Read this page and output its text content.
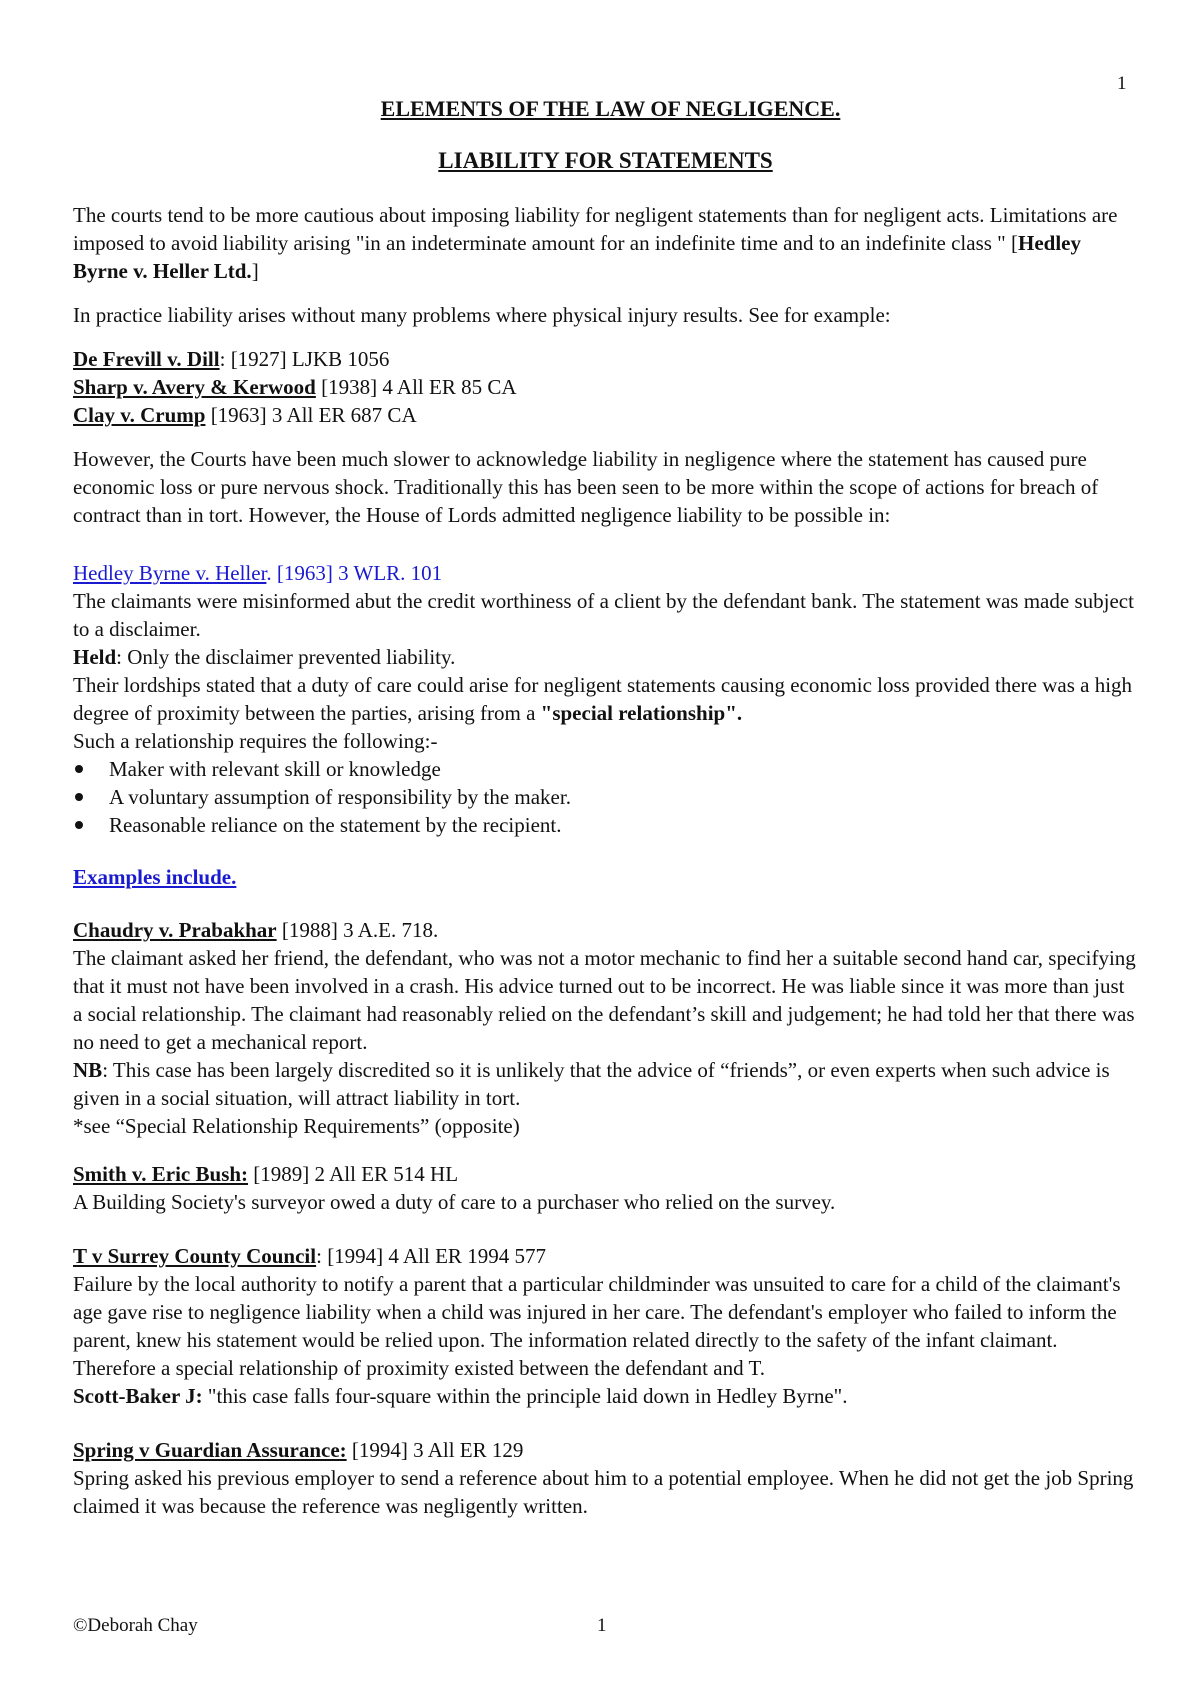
1

ELEMENTS OF THE LAW OF NEGLIGENCE.

LIABILITY FOR STATEMENTS

The courts tend to be more cautious about imposing liability for negligent statements than for negligent acts. Limitations are imposed to avoid liability arising "in an indeterminate amount for an indefinite time and to an indefinite class " [Hedley Byrne v. Heller Ltd.]

In practice liability arises without many problems where physical injury results. See for example:

De Frevill v. Dill: [1927] LJKB 1056

Sharp v. Avery & Kerwood [1938] 4 All ER 85 CA

Clay v. Crump [1963] 3 All ER 687 CA

However, the Courts have been much slower to acknowledge liability in negligence where the statement has caused pure economic loss or pure nervous shock. Traditionally this has been seen to be more within the scope of actions for breach of contract than in tort. However, the House of Lords admitted negligence liability to be possible in:

Hedley Byrne v. Heller. [1963] 3 WLR. 101

The claimants were misinformed abut the credit worthiness of a client by the defendant bank. The statement was made subject to a disclaimer.

Held: Only the disclaimer prevented liability.

Their lordships stated that a duty of care could arise for negligent statements causing economic loss provided there was a high degree of proximity between the parties, arising from a "special relationship".

Such a relationship requires the following:-

Maker with relevant skill or knowledge
A voluntary assumption of responsibility by the maker.
Reasonable reliance on the statement by the recipient.

Examples include.

Chaudry v. Prabakhar [1988] 3 A.E. 718.

The claimant asked her friend, the defendant, who was not a motor mechanic to find her a suitable second hand car, specifying that it must not have been involved in a crash. His advice turned out to be incorrect. He was liable since it was more than just a social relationship. The claimant had reasonably relied on the defendant’s skill and judgement; he had told her that there was no need to get a mechanical report.

NB: This case has been largely discredited so it is unlikely that the advice of “friends”, or even experts when such advice is given in a social situation, will attract liability in tort.

*see “Special Relationship Requirements” (opposite)

Smith v. Eric Bush: [1989] 2 All ER 514 HL

A Building Society's surveyor owed a duty of care to a purchaser who relied on the survey.

T v Surrey County Council: [1994] 4 All ER 1994 577

Failure by the local authority to notify a parent that a particular childminder was unsuited to care for a child of the claimant's age gave rise to negligence liability when a child was injured in her care. The defendant's employer who failed to inform the parent, knew his statement would be relied upon. The information related directly to the safety of the infant claimant. Therefore a special relationship of proximity existed between the defendant and T.

Scott-Baker J: "this case falls four-square within the principle laid down in Hedley Byrne".

Spring v Guardian Assurance: [1994] 3 All ER 129

Spring asked his previous employer to send a reference about him to a potential employee. When he did not get the job Spring claimed it was because the reference was negligently written.

©Deborah Chay	1
